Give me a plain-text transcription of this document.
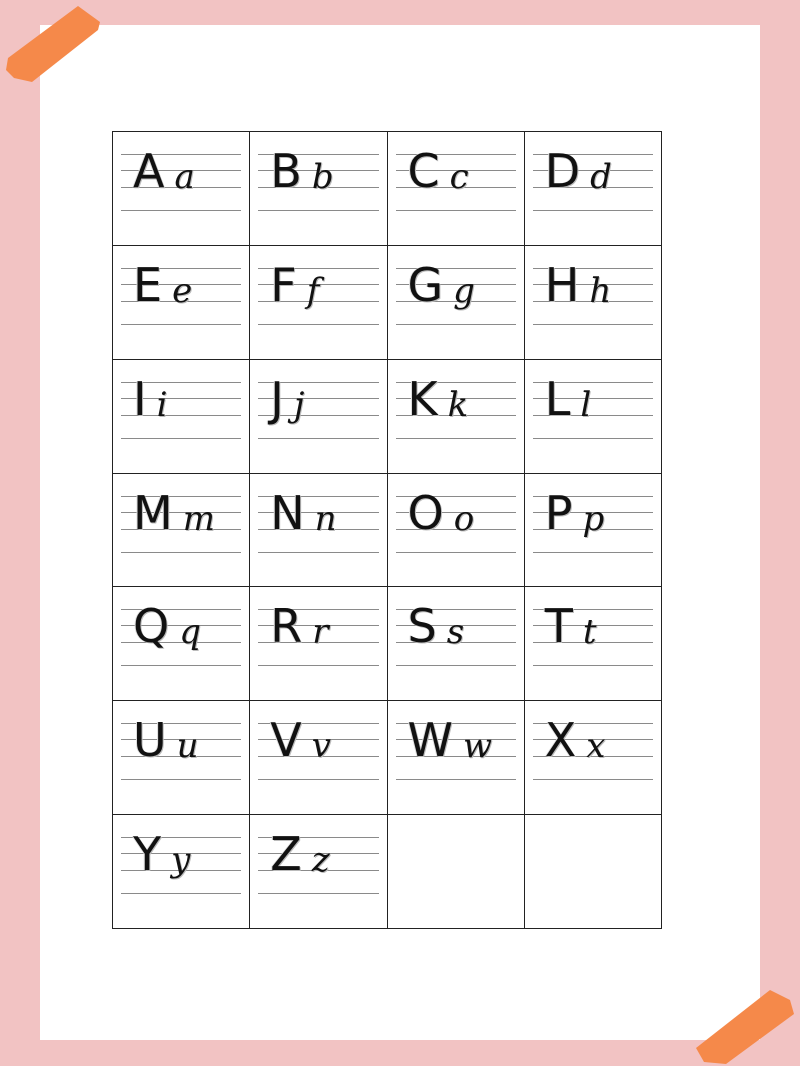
A a B b C c D d
E e F f G g H h
I i J j K k L l
M m N n O o P p
Q q R r S s T t
U u V v W w X x
Y y Z z
